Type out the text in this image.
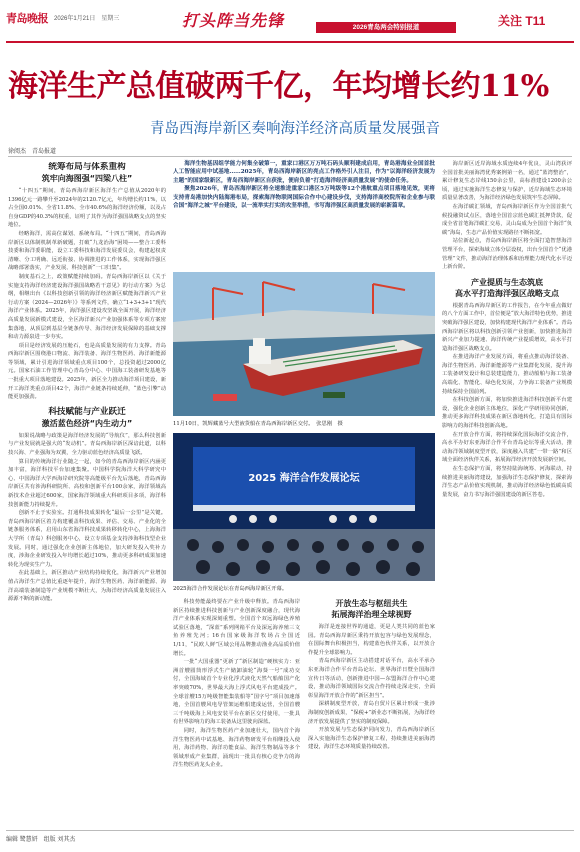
青岛晚报 2026年1月21日　星期三	打头阵当先锋	2026青岛两会特别报道	关注 T11
海洋生产总值破两千亿，年均增长约11%
青岛西海岸新区奏响海洋经济高质量发展强音
徐阅杰　青岛报道

海洋生物基因组学能力何集全破第一，重家口港区万万吨石码头顺利建成启用，青岛港海业全国首批人工智能应用中试基地……2025年，青岛西海岸新区的亮点工作格外引人注目，作为“以海洋经济发展为主题”的国家级新区，青岛西海岸新区自获批，便肩负着“打造海洋经济高质量发展”的使命任务。

聚焦2026年，青岛西海岸新区将全速推进重家口港区5万吨级等12个港航重点项目落地见效，更将支持青岛港加快内陆海港布局，探索海洋物联网国际合作中心建设步伐，支持海洋高校院所和企业参与联合国“海洋之城”平台建设，以一流举实打实的攻坚举措，书写海洋强区高质量发展的崭新篇章。

统筹布局与体系重构
筑牢向海图强“四梁八柱”

“十四五”期间，青岛西海岸新区海洋生产总值从2020年的1396亿元一路攀升至2024年的2120.7亿元，年均增长约11%，以占全国0.01%、全省11.8%、全市40.6%的海洋经济份额，以及占自身GDP的40.3%的权重，证明了其作为海洋强国战略支点的坚实地位。

经略海洋，需高位谋划、系统布局。“十四五”期间，青岛西海岸新区以体制机制革新破题，打破“九龙治海”困境——整合工委科技委和海洋委职能，设立工委科技和海洋发展委员会，构建起权责清晰、分工明确、远近衔接、协调推进的工作体系，实现海洋强区战略部署落实，产业发展、科技创新“一口归集”。

制度基石之上，政策赋能持续加码。青岛西海岸新区以《关于实施支持海洋经济建设海洋强国战略若干意见》的行动方案》为总纲，相继出台《以科技创新引领的海洋经济新区赋能海洋新兴产业行动方案（2024—2026年）》等系列文件，确立“1+3+3+1”现代海洋产业体系。2025年，海洋强区建设攻坚战全面开展，海洋经济高质量发展新模式建设，全区海洋新兴产业加强体系等专项方案密集落地，从顶层到基层全链条传导、海洋经济发展保障的基础支撑和动力源泉进一步夯实。

项目是经济发展的压舱石，也是高质量发展的有力支撑。青岛西海岸新区围绕港口物流、海洋装备、海洋生物医药、海洋新能源等领域，累计引进海洋领域重点项目100个，总投资超过2000亿元。国家石油工作管理中心青岛分中心、中国海工装备研发基地等一批重大项目落地建设。2025年，新区全力推动海洋项目建设，新开工海洋类重点项目42个，海洋产业链条持续延伸，“蓝色引擎”动能更加强劲。

科技赋能与产业跃迁
激活蓝色经济“内生动力”

如果说战略与政策是海洋经济发展的“导航仪”，那么科技创新与产业发展就是强大的“发动机”。青岛西海岸新区深谙此道，以科技兴海、产业强海为双翼，全力驱动蓝色经济高质量飞跃。

算目的传统海洋行业随之一起，如今的青岛西海岸新区内涵更加丰富，海洋科技平台加速集聚。中国科学院海洋大科学研究中心、中国海洋大学西海岸研究院等高能级平台先后落地，青岛西海岸新区共有涉海科研院所、高校和创新平台100余家，海洋领域高新技术企业超过600家，国家海洋领域重大科研项目多项，海洋科技创新能力持续提升。

创新不止于实验室。打通科技成果转化“最后一公里”是关键。青岛西海岸新区着力构建覆盖科技成果、评估、交易、产业化的全链条服务体系，启用山东省海洋科技成果转移转化中心，上海海洋大学所（青岛）科创服务中心，设立专项基金支持涉海科技型企业发展。同时，通过强化企业创新主体地位，加大研发投入奖补力度，涉海企业研发投入年均增长超过10%，推动更多科研成果加速转化为现实生产力。

在此基础上，新区推动产业结构持续优化，海洋新兴产业增加值占海洋生产总值比重逐年提升，海洋生物医药、海洋新能源、海洋高端装备制造等产业规模不断壮大，为海洋经济高质量发展注入源源不断的新动能。

11月10日，凯辉藏蓝号大型液货船在青岛西海岸新区交付。　张思刚　摄
2025 海洋合作发展论坛
2025海洋合作发展论坛在青岛西海岸新区开幕。

科技势能最终要在产业升级中释放。青岛西海岸新区持续推进科技创新与产业创新深度融合，现代海洋产业体系实现深刻重塑。全国首个双远海绿色养殖试验区落地，“深蓝”系列网箱平台及深远海养殖三文鱼养殖先河；16台国家级海洋牧场占全国近1/11，“民欧人鲜”区域公用品牌推动渔业高品质价值增长。

一批“大国重器”更新了“新区制造”硬核实力：亚洲首艘圆筒形浮式生产储卸油轮“海葵一号”成功交付，全国海域首个专业化浮式液化天然气船舶国产化率突破70%，世界最大海上浮式风电平台建成投产。全球首艘15万吨级智能集装船等“国字号”项目加速落地，全国首艘风电导管架运维船建成运营，全国首艘三千吨级海上风电安装平台在新区交付使用，一批具有世界影响力的海工装备从这里驶向深蓝。

同时，海洋生物医药产业加速壮大，国内首个海洋生物医药中试基地、海洋药物研发平台相继投入使用，海洋药物、海洋功能食品、海洋生物制品等多个领域形成产业集群，涌现出一批具有核心竞争力的海洋生物医药龙头企业。

开放生态与枢纽共生
拓展海洋治理全球视野

海洋是连接世界的通道，更是人类共同的蓝色家园。青岛西海岸新区秉持开放包容与绿色发展理念，在国际舞台积极担当，构建蓝色伙伴关系，以开放合作提升全球影响力。

青岛西海岸新区主动搭建对话平台，高水平承办东亚海洋合作平台青岛论坛、世界海洋日暨全国海洋宣传日等活动，创新推进中国—东盟海洋合作中心建设，推动海洋领域国际交流合作持续走深走实，全面彰显海洋开放合作的“新区担当”。

深耕制度型开放，青岛自贸片区累计形成一批涉海制度创新成果，“保税+”新业态不断拓展，为海洋经济开放发展提供了坚实的制度保障。

开放发展与生态保护同向发力，青岛西海岸新区深入实施海洋生态保护修复工程，持续推进美丽海湾建设，海洋生态环境质量持续改善。

海岸新区近岸海域水质连续4年优良，灵山湾获评全国首批美丽海湾优秀案例第一名，通过“蓝湾整治”，累计修复生态岸线150余公里，高标准建设1200余公顷，通过实施海洋生态修复与保护，近岸海域生态环境质量显著改善，为海洋经济绿色发展筑牢生态屏障。

在海洋碳汇领域，青岛西海岸新区作为全国首批气候投融资试点区，落地全国首宗蓝色碳汇抵押贷款，促成全省首笔海洋碳汇交易，灵山岛成为全国首个海洋“负碳”海岛，生态产品价值实现路径不断拓宽。

站位新起点，青岛西海岸新区将全面打造智慧海洋管理平台，探索海域立体分层设权，出台全国首个“优港管理”文件，推动海洋治理体系和治理能力现代化水平迈上新台阶。

产业提质与生态筑底
高水平打造海洋强区战略支点

根据青岛西海岸新区的工作报告，在今年重点做好的八个方面工作中，首位便是“放大海洋特色优势，推进突破海洋强区建设，加快构建现代海洋产业体系”。青岛西海岸新区将以科技创新引领产业创新，加快推进海洋新兴产业加力提速、海洋传统产业提质增效，高水平打造海洋强区战略支点。

在推进海洋产业发展方面，将重点推动海洋装备、海洋生物医药、海洋新能源等产业集群化发展，提升海工装备研发设计和总装建造能力，推动船舶与海工装备高端化、智能化、绿色化发展，力争海工装备产业规模持续保持全国前列。

在科技创新方面，将加快推进海洋科技创新平台建设，强化企业创新主体地位，深化产学研用协同创新，推动更多海洋科技成果在新区落地转化，打造具有国际影响力的海洋科技创新高地。

在开放合作方面，将持续深化国际海洋交流合作，高水平办好东亚海洋合作平台青岛论坛等重大活动，推动海洋领域制度型开放，深度融入共建“一带一路”和区域全面经济伙伴关系，拓展海洋经济开放发展新空间。

在生态保护方面，将坚持陆海统筹、河海联动，持续推进美丽海湾建设，加强海洋生态保护修复，探索海洋生态产品价值实现机制，推动海洋经济绿色低碳高质量发展，奋力书写海洋强国建设的新区答卷。

编辑 鹭慧妍　组版 刘其杰
